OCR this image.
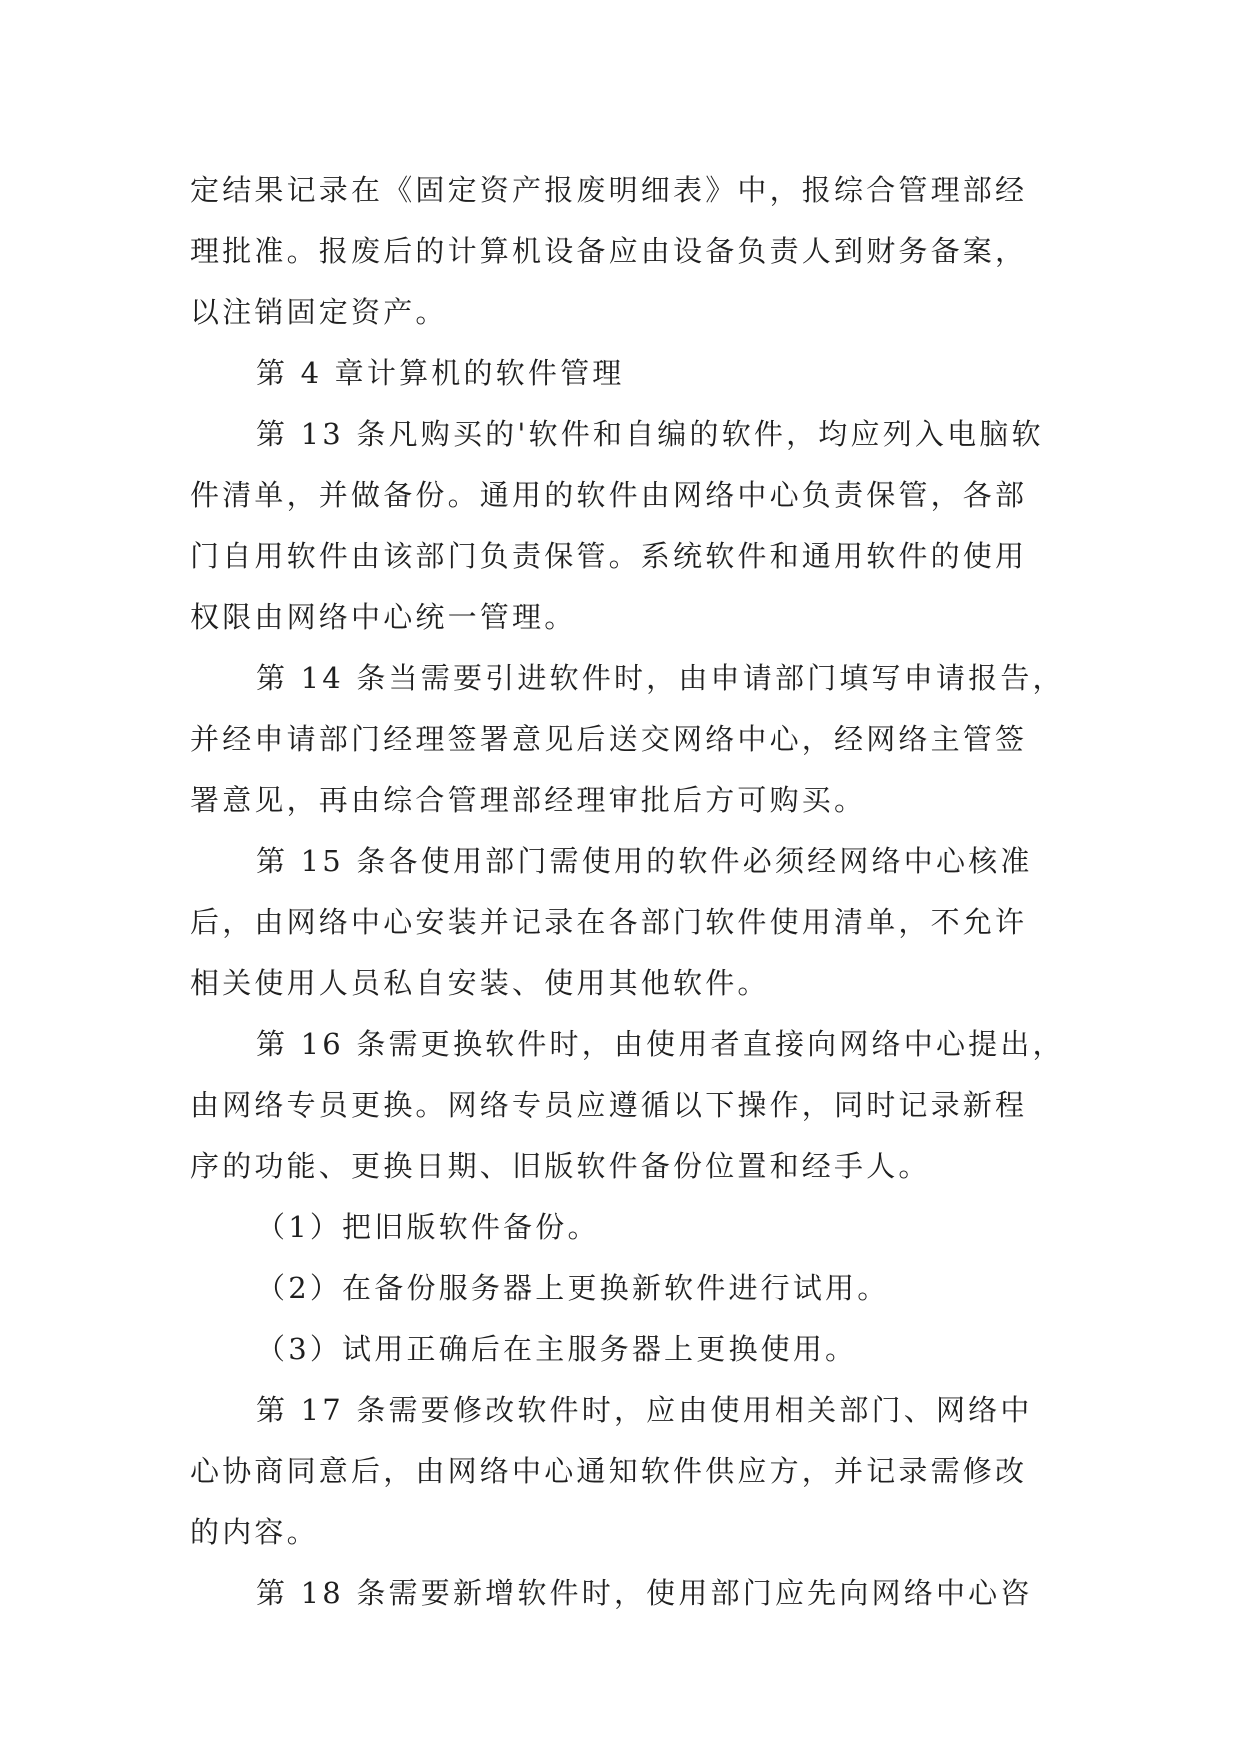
定结果记录在《固定资产报废明细表》中，报综合管理部经
理批准。报废后的计算机设备应由设备负责人到财务备案，
以注销固定资产。
第 4 章计算机的软件管理
第 13 条凡购买的'软件和自编的软件，均应列入电脑软
件清单，并做备份。通用的软件由网络中心负责保管，各部
门自用软件由该部门负责保管。系统软件和通用软件的使用
权限由网络中心统一管理。
第 14 条当需要引进软件时，由申请部门填写申请报告，
并经申请部门经理签署意见后送交网络中心，经网络主管签
署意见，再由综合管理部经理审批后方可购买。
第 15 条各使用部门需使用的软件必须经网络中心核准
后，由网络中心安装并记录在各部门软件使用清单，不允许
相关使用人员私自安装、使用其他软件。
第 16 条需更换软件时，由使用者直接向网络中心提出，
由网络专员更换。网络专员应遵循以下操作，同时记录新程
序的功能、更换日期、旧版软件备份位置和经手人。
（1）把旧版软件备份。
（2）在备份服务器上更换新软件进行试用。
（3）试用正确后在主服务器上更换使用。
第 17 条需要修改软件时，应由使用相关部门、网络中
心协商同意后，由网络中心通知软件供应方，并记录需修改
的内容。
第 18 条需要新增软件时，使用部门应先向网络中心咨
